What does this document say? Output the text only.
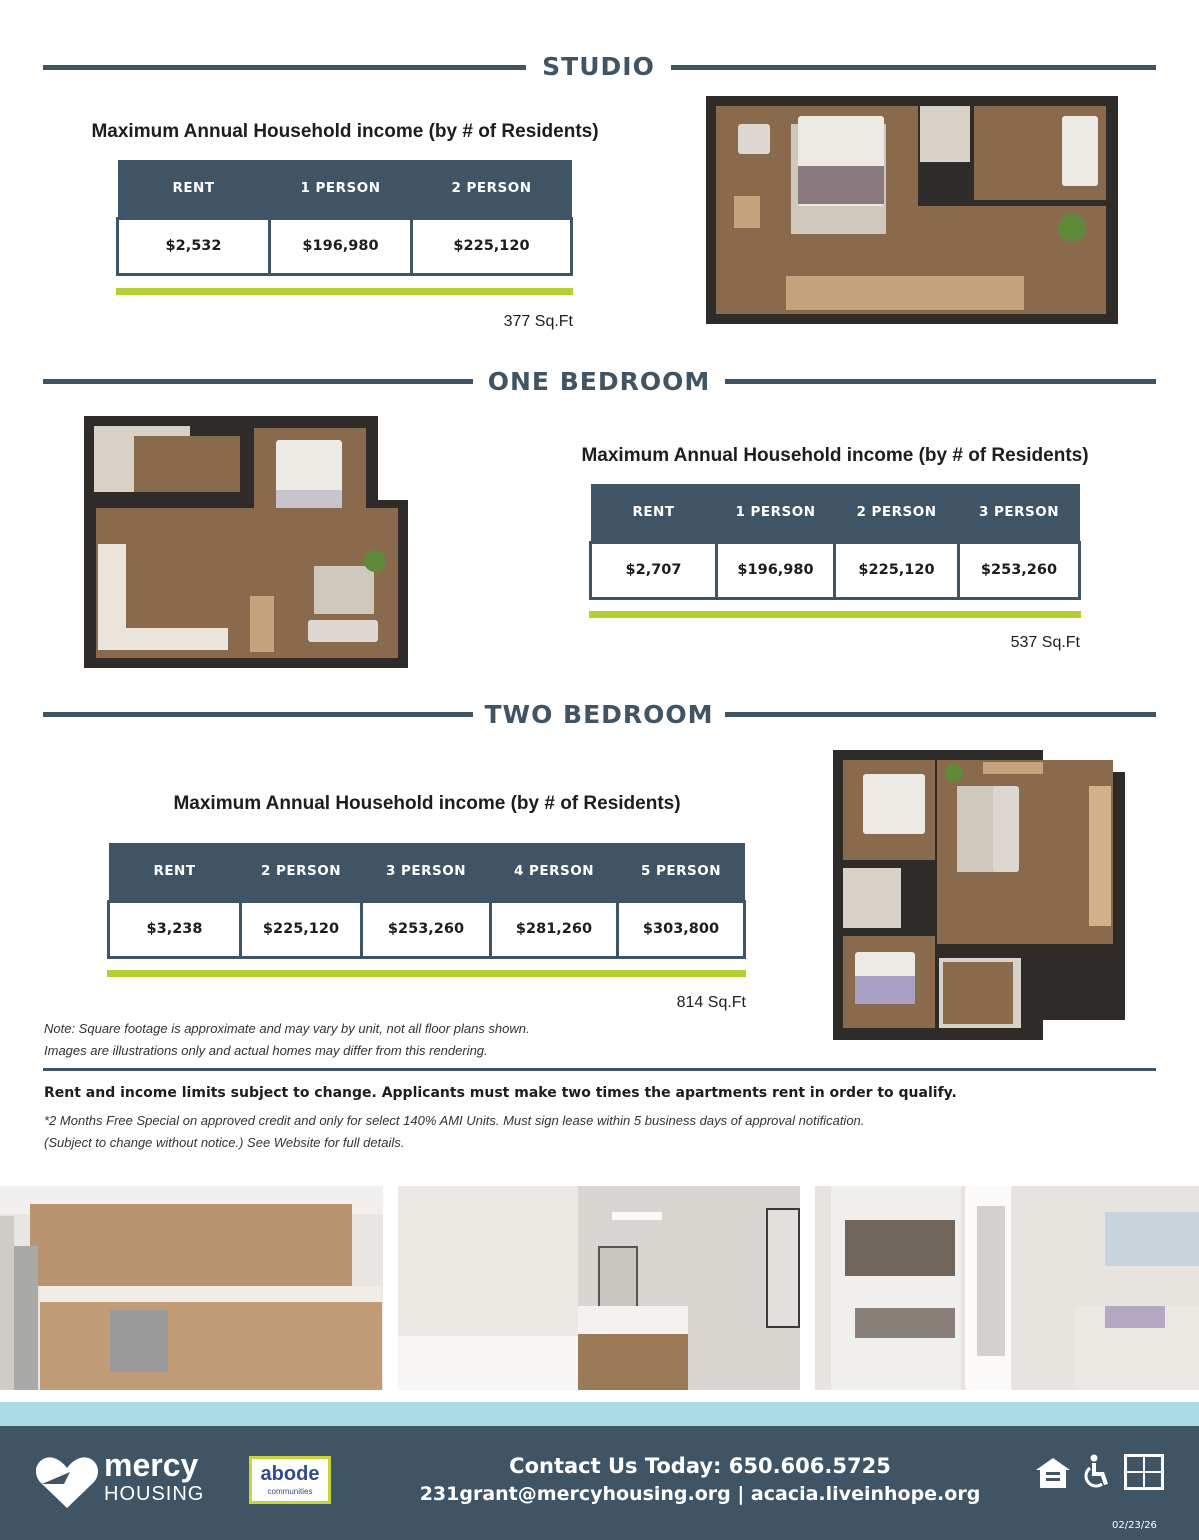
STUDIO
Maximum Annual Household income (by # of Residents)
RENT	1 PERSON	2 PERSON
$2,532	$196,980	$225,120
377 Sq.Ft
ONE BEDROOM
Maximum Annual Household income (by # of Residents)
RENT	1 PERSON	2 PERSON	3 PERSON
$2,707	$196,980	$225,120	$253,260
537 Sq.Ft
TWO BEDROOM
Maximum Annual Household income (by # of Residents)
RENT	2 PERSON	3 PERSON	4 PERSON	5 PERSON
$3,238	$225,120	$253,260	$281,260	$303,800
814 Sq.Ft
Note: Square footage is approximate and may vary by unit, not all floor plans shown.
Images are illustrations only and actual homes may differ from this rendering.
Rent and income limits subject to change. Applicants must make two times the apartments rent in order to qualify.
*2 Months Free Special on approved credit and only for select 140% AMI Units. Must sign lease within 5 business days of approval notification.
(Subject to change without notice.) See Website for full details.
mercy
HOUSING
abode
communities
Contact Us Today: 650.606.5725
231grant@mercyhousing.org | acacia.liveinhope.org
02/23/26
